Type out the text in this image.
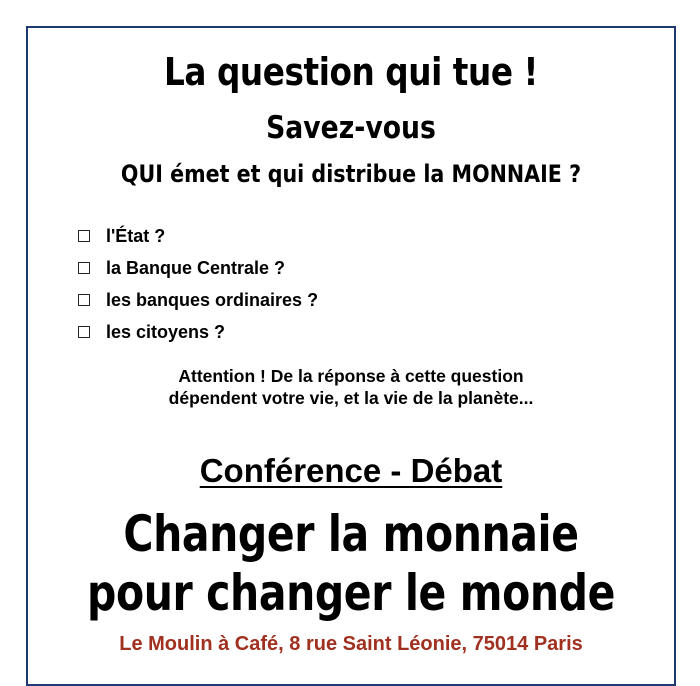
La question qui tue !
Savez-vous
QUI émet et qui distribue la MONNAIE ?
l'État ?
la Banque Centrale ?
les banques ordinaires ?
les citoyens ?
Attention ! De la réponse à cette question
dépendent votre vie, et la vie de la planète...
Conférence - Débat
Changer la monnaie
pour changer le monde
Le Moulin à Café, 8 rue Saint Léonie, 75014 Paris
